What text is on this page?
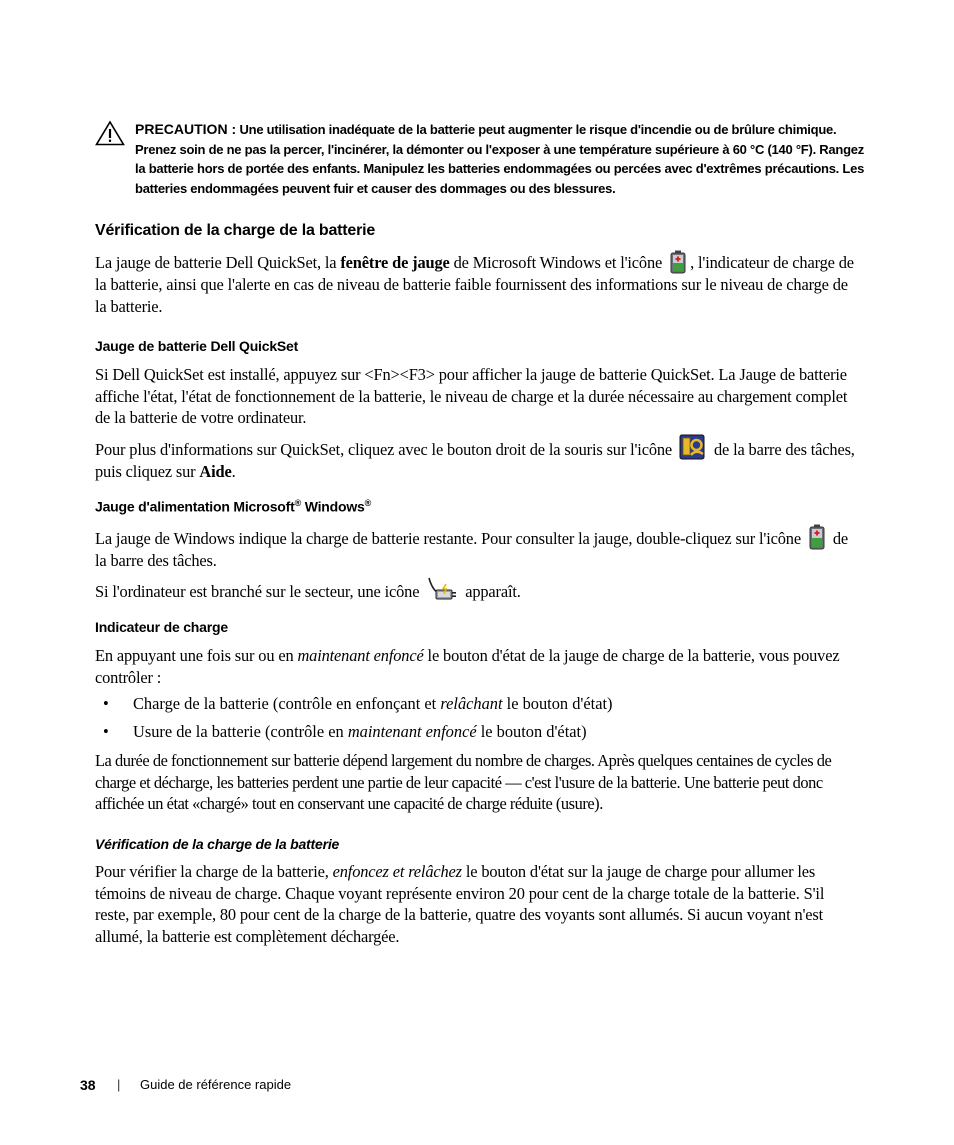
PRECAUTION : Une utilisation inadéquate de la batterie peut augmenter le risque d'incendie ou de brûlure chimique. Prenez soin de ne pas la percer, l'incinérer, la démonter ou l'exposer à une température supérieure à 60 °C (140 °F). Rangez la batterie hors de portée des enfants. Manipulez les batteries endommagées ou percées avec d'extrêmes précautions. Les batteries endommagées peuvent fuir et causer des dommages ou des blessures.
Vérification de la charge de la batterie
La jauge de batterie Dell QuickSet, la fenêtre de jauge de Microsoft Windows et l'icône , l'indicateur de charge de la batterie, ainsi que l'alerte en cas de niveau de batterie faible fournissent des informations sur le niveau de charge de la batterie.
Jauge de batterie Dell QuickSet
Si Dell QuickSet est installé, appuyez sur <Fn><F3> pour afficher la jauge de batterie QuickSet. La Jauge de batterie affiche l'état, l'état de fonctionnement de la batterie, le niveau de charge et la durée nécessaire au chargement complet de la batterie de votre ordinateur.
Pour plus d'informations sur QuickSet, cliquez avec le bouton droit de la souris sur l'icône  de la barre des tâches, puis cliquez sur Aide.
Jauge d'alimentation Microsoft® Windows®
La jauge de Windows indique la charge de batterie restante. Pour consulter la jauge, double-cliquez sur l'icône  de la barre des tâches.
Si l'ordinateur est branché sur le secteur, une icône  apparaît.
Indicateur de charge
En appuyant une fois sur ou en maintenant enfoncé le bouton d'état de la jauge de charge de la batterie, vous pouvez contrôler :
• Charge de la batterie (contrôle en enfonçant et relâchant le bouton d'état)
• Usure de la batterie (contrôle en maintenant enfoncé le bouton d'état)
La durée de fonctionnement sur batterie dépend largement du nombre de charges. Après quelques centaines de cycles de charge et décharge, les batteries perdent une partie de leur capacité — c'est l'usure de la batterie. Une batterie peut donc affichée un état «chargé» tout en conservant une capacité de charge réduite (usure).
Vérification de la charge de la batterie
Pour vérifier la charge de la batterie, enfoncez et relâchez le bouton d'état sur la jauge de charge pour allumer les témoins de niveau de charge. Chaque voyant représente environ 20 pour cent de la charge totale de la batterie. S'il reste, par exemple, 80 pour cent de la charge de la batterie, quatre des voyants sont allumés. Si aucun voyant n'est allumé, la batterie est complètement déchargée.
38 | Guide de référence rapide
